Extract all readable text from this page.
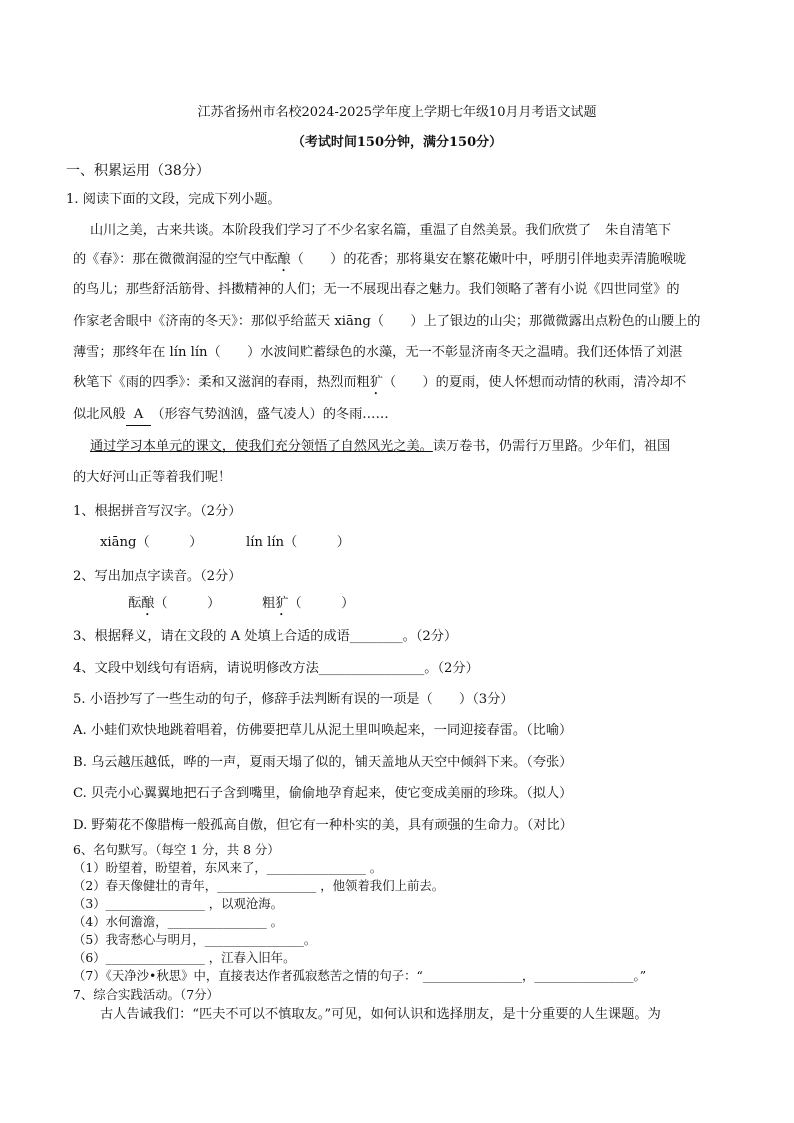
江苏省扬州市名校2024-2025学年度上学期七年级10月月考语文试题
（考试时间150分钟，满分150分）
一、积累运用（38分）
1. 阅读下面的文段，完成下列小题。
山川之美，古来共谈。本阶段我们学习了不少名家名篇，重温了自然美景。我们欣赏了 朱自清笔下
的《春》：那在微微润湿的空气中酝酿（　　）的花香；那将巢安在繁花嫩叶中，呼朋引伴地卖弄清脆喉咙
的鸟儿；那些舒活筋骨、抖擞精神的人们；无一不展现出春之魅力。我们领略了著有小说《四世同堂》的
作家老舍眼中《济南的冬天》：那似乎给蓝天 xiāng（　　）上了银边的山尖；那微微露出点粉色的山腰上的
薄雪；那终年在 lín lín（　　）水波间贮蓄绿色的水藻，无一不彰显济南冬天之温晴。我们还体悟了刘湛
秋笔下《雨的四季》：柔和又滋润的春雨，热烈而粗犷（　　）的夏雨，使人怀想而动情的秋雨，清冷却不
似北风般 A （形容气势汹汹，盛气凌人）的冬雨……
通过学习本单元的课文，使我们充分领悟了自然风光之美。读万卷书，仍需行万里路。少年们，祖国
的大好河山正等着我们呢！
1、根据拼音写汉字。（2分）
xiāng（　　　）	lín lín（　　　）
2、写出加点字读音。（2分）
酝酿（　　　）	粗犷（　　　）
3、根据释义，请在文段的 A 处填上合适的成语________。（2分）
4、文段中划线句有语病，请说明修改方法________________。（2分）
5. 小语抄写了一些生动的句子，修辞手法判断有误的一项是（　　）（3分）
A. 小蛙们欢快地跳着唱着，仿佛要把草儿从泥土里叫唤起来，一同迎接春雷。（比喻）
B. 乌云越压越低，哗的一声，夏雨天塌了似的，铺天盖地从天空中倾斜下来。（夸张）
C. 贝壳小心翼翼地把石子含到嘴里，偷偷地孕育起来，使它变成美丽的珍珠。（拟人）
D. 野菊花不像腊梅一般孤高自傲，但它有一种朴实的美，具有顽强的生命力。（对比）
6、名句默写。（每空 1 分，共 8 分）
（1）盼望着，盼望着，东风来了，________________ 。
（2）春天像健壮的青年，________________ ，他领着我们上前去。
（3）________________ ，以观沧海。
（4）水何澹澹，________________ 。
（5）我寄愁心与明月，________________。
（6）________________ ，江春入旧年。
（7）《天净沙•秋思》中，直接表达作者孤寂愁苦之情的句子：“________________，________________。”
7、综合实践活动。（7分）
古人告诫我们：“匹夫不可以不慎取友。”可见，如何认识和选择朋友，是十分重要的人生课题。为
